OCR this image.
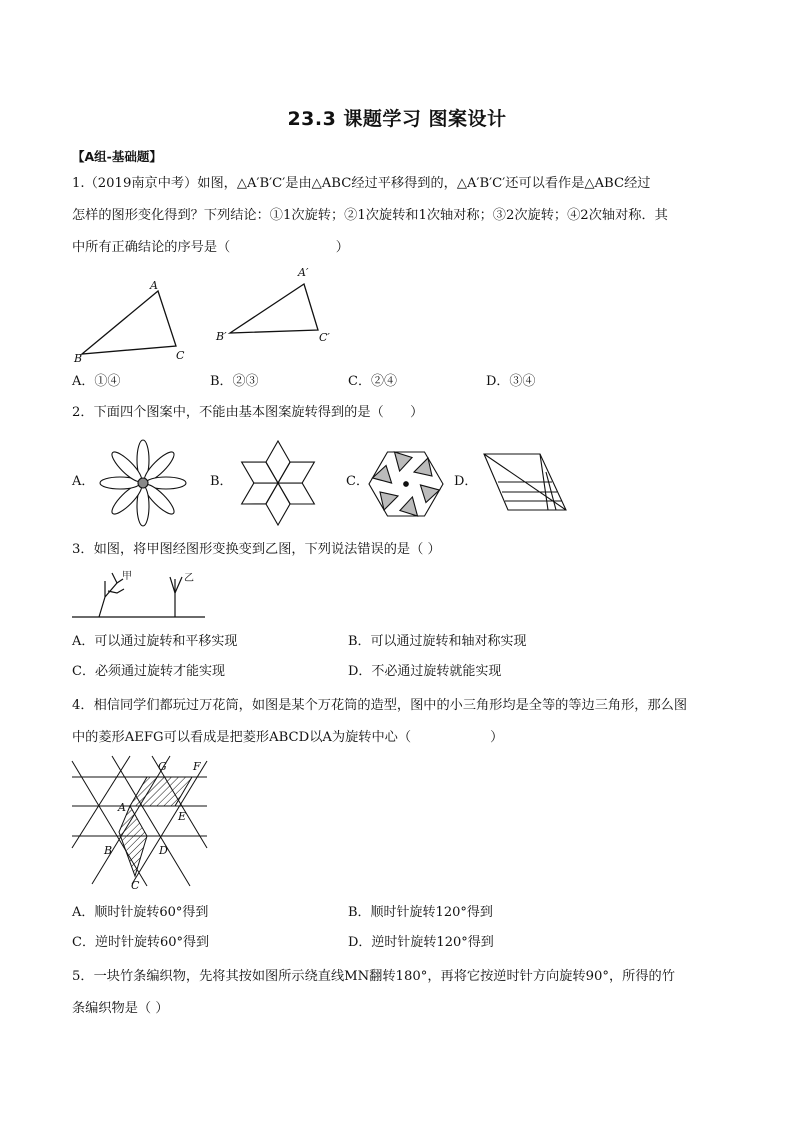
23.3 课题学习 图案设计
【A组-基础题】
1.（2019南京中考）如图，△A′B′C′是由△ABC经过平移得到的，△A′B′C′还可以看作是△ABC经过
怎样的图形变化得到？下列结论：①1次旋转；②1次旋转和1次轴对称；③2次旋转；④2次轴对称．其
中所有正确结论的序号是（　　　　　　　　）
A
B	C
A′
B′	C′
A．①④	B．②③	C．②④	D．③④
2．下面四个图案中，不能由基本图案旋转得到的是（　　）
A．	B．	C．	D．
3．如图，将甲图经图形变换变到乙图，下列说法错误的是（ ）
甲	乙
A．可以通过旋转和平移实现	B．可以通过旋转和轴对称实现
C．必须通过旋转才能实现	D．不必通过旋转就能实现
4．相信同学们都玩过万花筒，如图是某个万花筒的造型，图中的小三角形均是全等的等边三角形，那么图
中的菱形AEFG可以看成是把菱形ABCD以A为旋转中心（　　　　　　）
G F
A
E
B	D
C
A．顺时针旋转60°得到	B．顺时针旋转120°得到
C．逆时针旋转60°得到	D．逆时针旋转120°得到
5．一块竹条编织物，先将其按如图所示绕直线MN翻转180°，再将它按逆时针方向旋转90°，所得的竹
条编织物是（ ）
